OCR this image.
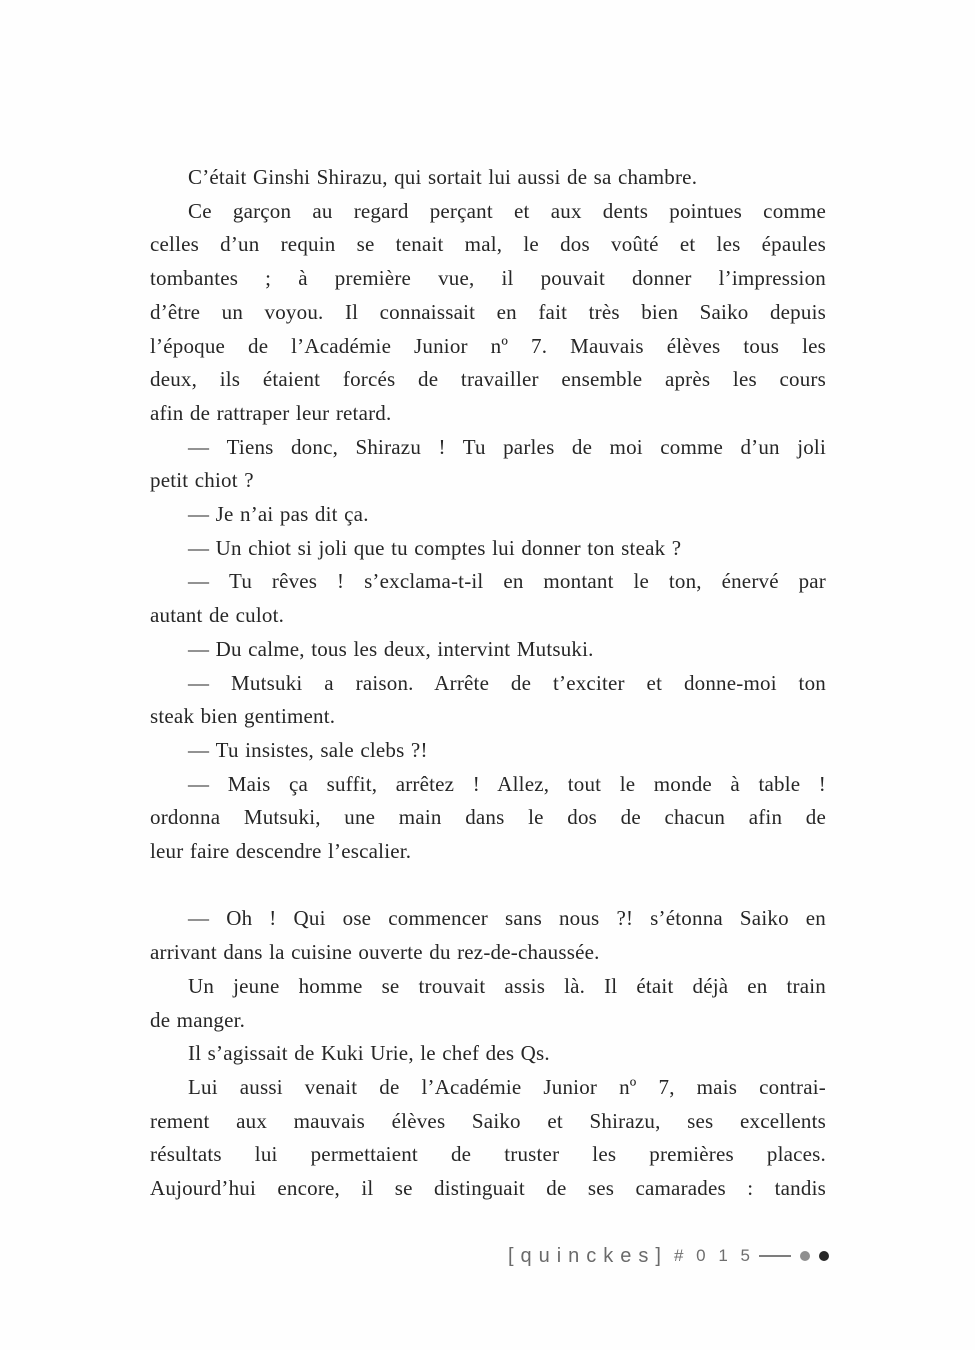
C’était Ginshi Shirazu, qui sortait lui aussi de sa chambre.
Ce garçon au regard perçant et aux dents pointues comme
celles d’un requin se tenait mal, le dos voûté et les épaules
tombantes ; à première vue, il pouvait donner l’impression
d’être un voyou. Il connaissait en fait très bien Saiko depuis
l’époque de l’Académie Junior nº 7. Mauvais élèves tous les
deux, ils étaient forcés de travailler ensemble après les cours
afin de rattraper leur retard.
— Tiens donc, Shirazu ! Tu parles de moi comme d’un joli
petit chiot ?
— Je n’ai pas dit ça.
— Un chiot si joli que tu comptes lui donner ton steak ?
— Tu rêves ! s’exclama-t-il en montant le ton, énervé par
autant de culot.
— Du calme, tous les deux, intervint Mutsuki.
— Mutsuki a raison. Arrête de t’exciter et donne-moi ton
steak bien gentiment.
— Tu insistes, sale clebs ?!
— Mais ça suffit, arrêtez ! Allez, tout le monde à table !
ordonna Mutsuki, une main dans le dos de chacun afin de
leur faire descendre l’escalier.
— Oh ! Qui ose commencer sans nous ?! s’étonna Saiko en
arrivant dans la cuisine ouverte du rez-de-chaussée.
Un jeune homme se trouvait assis là. Il était déjà en train
de manger.
Il s’agissait de Kuki Urie, le chef des Qs.
Lui aussi venait de l’Académie Junior nº 7, mais contrai-
rement aux mauvais élèves Saiko et Shirazu, ses excellents
résultats lui permettaient de truster les premières places.
Aujourd’hui encore, il se distinguait de ses camarades : tandis
[quinckes] # 0 1 5
